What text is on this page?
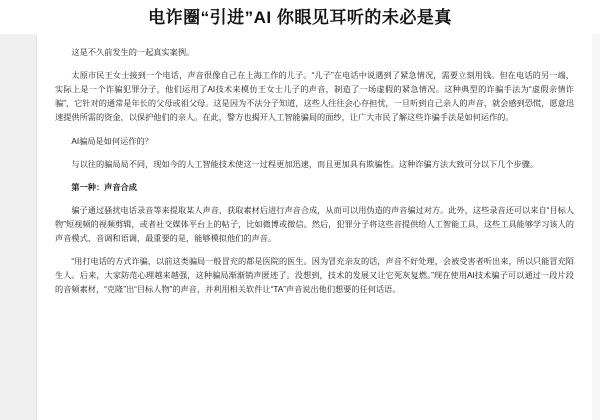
电诈圈“引进”AI 你眼见耳听的未必是真

这是不久前发生的一起真实案例。

太原市民王女士接到一个电话，声音很像自己在上海工作的儿子。“儿子”在电话中说遇到了紧急情况，需要立刻用钱。但在电话的另一端，实际上是一个诈骗犯罪分子，他们运用了AI技术来模仿王女士儿子的声音，制造了一场虚假的紧急情况。这种典型的诈骗手法为“虚假亲情诈骗”，它针对的通常是年长的父母或祖父母。这是因为不法分子知道，这些人往往会心存担忧，一旦听到自己亲人的声音，就会感到恐慌，愿意迅速提供所需的资金，以保护他们的亲人。在此，警方也揭开人工智能骗局的面纱，让广大市民了解这些诈骗手法是如何运作的。

AI骗局是如何运作的？

与以往的骗局局不同，现如今的人工智能技术使这一过程更加迅速，而且更加具有欺骗性。这种诈骗方法大致可分以下几个步骤。

第一种：声音合成

骗子通过骚扰电话录音等来提取某人声音，获取素材后进行声音合成，从而可以用伪造的声音骗过对方。此外，这些录音还可以来自“目标人物”短视频的视频剪辑，或者社交媒体平台上的帖子，比如微博或微信。然后，犯罪分子将这些音提供给人工智能工具，这些工具能够学习该人的声音模式、音调和语调，最重要的是，能够模拟他们的声音。

“用打电话的方式诈骗，以前这类骗局一般冒充的都是医院的医生。因为冒充亲友的话，声音不好处理，会被受害者听出来，所以只能冒充陌生人。后来，大家防范心理越来越强，这种骗局渐渐销声匿迹了。没想到，技术的发展又让它死灰复燃。”现在使用AI技术骗子可以通过一段片段的音频素材，“克隆”出“目标人物”的声音，并利用相关软件让“TA”声音说出他们想要的任何话语。
